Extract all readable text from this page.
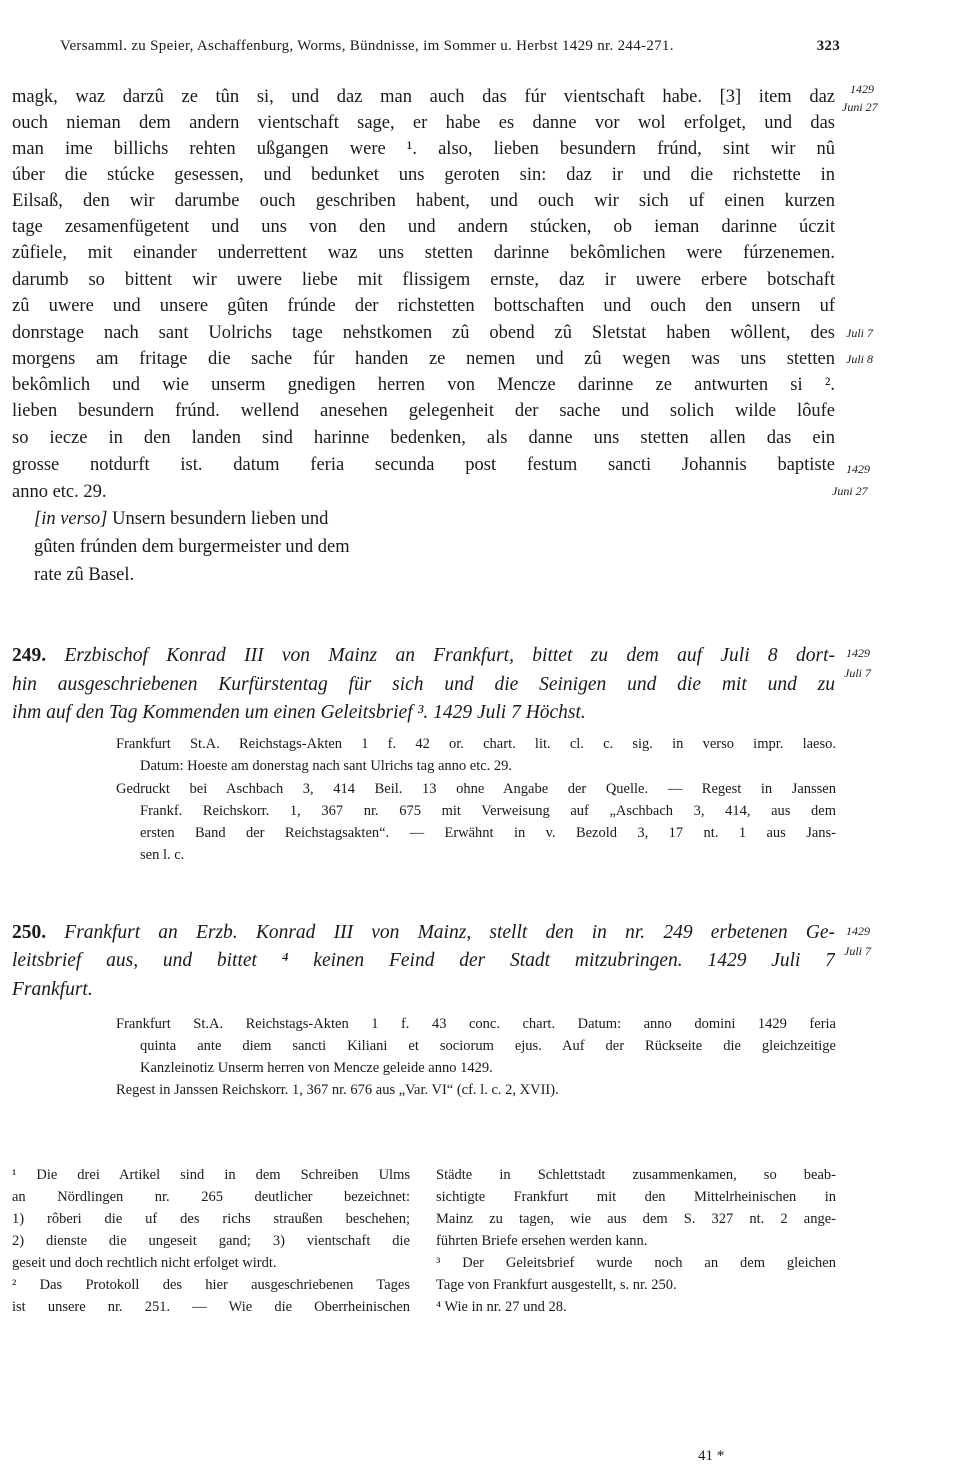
Versamml. zu Speier, Aschaffenburg, Worms, Bündnisse, im Sommer u. Herbst 1429 nr. 244-271.	323
magk, waz darzû ze tûn si, und daz man auch das fúr vientschaft habe. [3] item daz
ouch nieman dem andern vientschaft sage, er habe es danne vor wol erfolget, und das
man ime billichs rehten ußgangen were ¹. also, lieben besundern frúnd, sint wir nû
úber die stúcke gesessen, und bedunket uns geroten sin: daz ir und die richstette in
Eilsaß, den wir darumbe ouch geschriben habent, und ouch wir sich uf einen kurzen
tage zesamenfügetent und uns von den und andern stúcken, ob ieman darinne úczit
zûfiele, mit einander underrettent waz uns stetten darinne bekômlichen were fúrzenemen.
darumb so bittent wir uwere liebe mit flissigem ernste, daz ir uwere erbere botschaft
zû uwere und unsere gûten frúnde der richstetten bottschaften und ouch den unsern uf
donrstage nach sant Uolrichs tage nehstkomen zû obend zû Sletstat haben wôllent, des
morgens am fritage die sache fúr handen ze nemen und zû wegen was uns stetten
bekômlich und wie unserm gnedigen herren von Mencze darinne ze antwurten si ².
lieben besundern frúnd. wellend anesehen gelegenheit der sache und solich wilde lôufe
so iecze in den landen sind harinne bedenken, als danne uns stetten allen das ein
grosse notdurft ist. datum feria secunda post festum sancti Johannis baptiste
anno etc. 29.
[in verso] Unsern besundern lieben und
gûten frúnden dem burgermeister und dem
rate zû Basel.
1429
Juni 27
Juli 7
Juli 8
1429
Juni 27
249. Erzbischof Konrad III von Mainz an Frankfurt, bittet zu dem auf Juli 8 dort-
hin ausgeschriebenen Kurfürstentag für sich und die Seinigen und die mit und zu
ihm auf den Tag Kommenden um einen Geleitsbrief ³. 1429 Juli 7 Höchst.
1429
Juli 7
Frankfurt St.A. Reichstags-Akten 1 f. 42 or. chart. lit. cl. c. sig. in verso impr. laeso.
Datum: Hoeste am donerstag nach sant Ulrichs tag anno etc. 29.
Gedruckt bei Aschbach 3, 414 Beil. 13 ohne Angabe der Quelle. — Regest in Janssen
Frankf. Reichskorr. 1, 367 nr. 675 mit Verweisung auf „Aschbach 3, 414, aus dem
ersten Band der Reichstagsakten“. — Erwähnt in v. Bezold 3, 17 nt. 1 aus Jans-
sen l. c.
250. Frankfurt an Erzb. Konrad III von Mainz, stellt den in nr. 249 erbetenen Ge-
leitsbrief aus, und bittet ⁴ keinen Feind der Stadt mitzubringen. 1429 Juli 7
Frankfurt.
1429
Juli 7
Frankfurt St.A. Reichstags-Akten 1 f. 43 conc. chart. Datum: anno domini 1429 feria
quinta ante diem sancti Kiliani et sociorum ejus. Auf der Rückseite die gleichzeitige
Kanzleinotiz Unserm herren von Mencze geleide anno 1429.
Regest in Janssen Reichskorr. 1, 367 nr. 676 aus „Var. VI“ (cf. l. c. 2, XVII).
¹ Die drei Artikel sind in dem Schreiben Ulms
an Nördlingen nr. 265 deutlicher bezeichnet:
1) rôberi die uf des richs straußen beschehen;
2) dienste die ungeseit gand; 3) vientschaft die
geseit und doch rechtlich nicht erfolget wirdt.
² Das Protokoll des hier ausgeschriebenen Tages
ist unsere nr. 251. — Wie die Oberrheinischen
Städte in Schlettstadt zusammenkamen, so beab-
sichtigte Frankfurt mit den Mittelrheinischen in
Mainz zu tagen, wie aus dem S. 327 nt. 2 ange-
führten Briefe ersehen werden kann.
³ Der Geleitsbrief wurde noch an dem gleichen
Tage von Frankfurt ausgestellt, s. nr. 250.
⁴ Wie in nr. 27 und 28.
41 *
